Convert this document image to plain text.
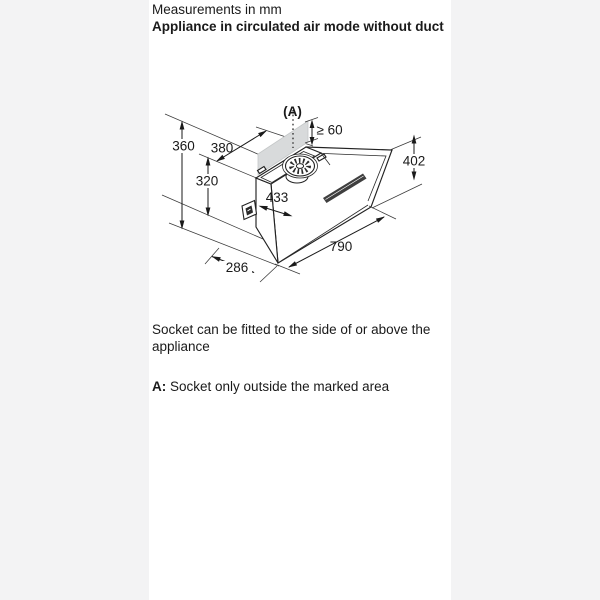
Measurements in mm
Appliance in circulated air mode without duct
(A)
≥ 60
360 380
320
433
402
790
286
Socket can be fitted to the side of or above the appliance
A: Socket only outside the marked area
